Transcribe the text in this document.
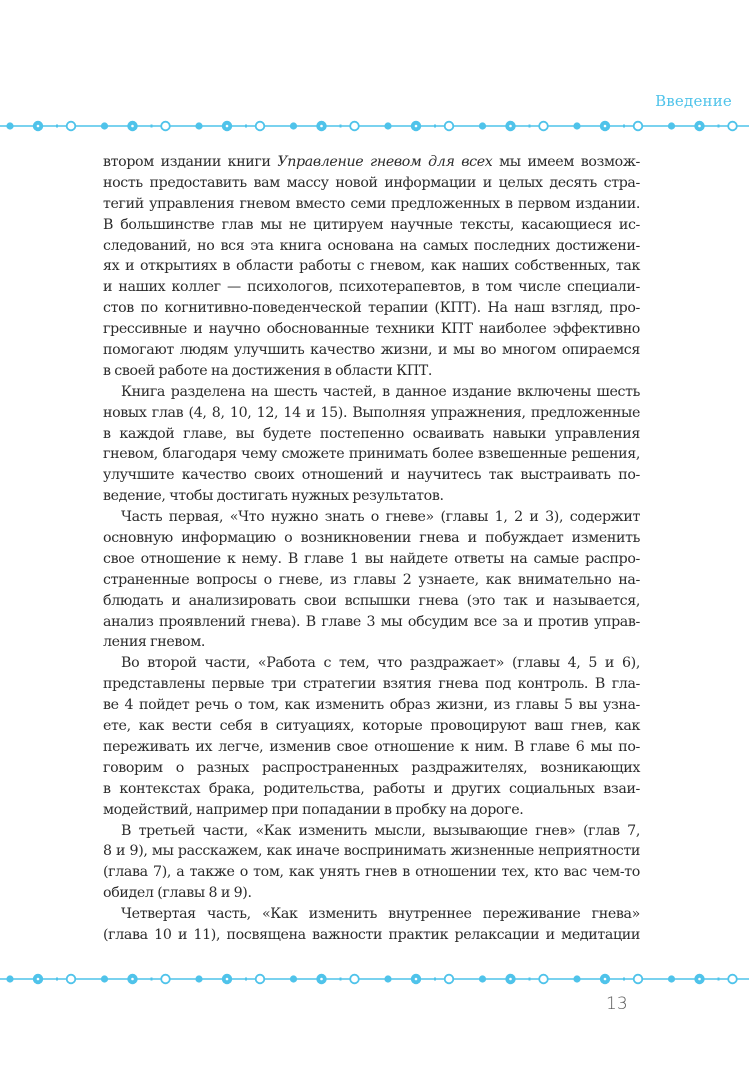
Введение
втором издании книги Управление гневом для всех мы имеем возмож-
ность предоставить вам массу новой информации и целых десять стра-
тегий управления гневом вместо семи предложенных в первом издании.
В большинстве глав мы не цитируем научные тексты, касающиеся ис-
следований, но вся эта книга основана на самых последних достижени-
ях и открытиях в области работы с гневом, как наших собственных, так
и наших коллег — психологов, психотерапевтов, в том числе специали-
стов по когнитивно-поведенческой терапии (КПТ). На наш взгляд, про-
грессивные и научно обоснованные техники КПТ наиболее эффективно
помогают людям улучшить качество жизни, и мы во многом опираемся
в своей работе на достижения в области КПТ.
Книга разделена на шесть частей, в данное издание включены шесть
новых глав (4, 8, 10, 12, 14 и 15). Выполняя упражнения, предложенные
в каждой главе, вы будете постепенно осваивать навыки управления
гневом, благодаря чему сможете принимать более взвешенные решения,
улучшите качество своих отношений и научитесь так выстраивать по-
ведение, чтобы достигать нужных результатов.
Часть первая, «Что нужно знать о гневе» (главы 1, 2 и 3), содержит
основную информацию о возникновении гнева и побуждает изменить
свое отношение к нему. В главе 1 вы найдете ответы на самые распро-
страненные вопросы о гневе, из главы 2 узнаете, как внимательно на-
блюдать и анализировать свои вспышки гнева (это так и называется,
анализ проявлений гнева). В главе 3 мы обсудим все за и против управ-
ления гневом.
Во второй части, «Работа с тем, что раздражает» (главы 4, 5 и 6),
представлены первые три стратегии взятия гнева под контроль. В гла-
ве 4 пойдет речь о том, как изменить образ жизни, из главы 5 вы узна-
ете, как вести себя в ситуациях, которые провоцируют ваш гнев, как
переживать их легче, изменив свое отношение к ним. В главе 6 мы по-
говорим о разных распространенных раздражителях, возникающих
в контекстах брака, родительства, работы и других социальных взаи-
модействий, например при попадании в пробку на дороге.
В третьей части, «Как изменить мысли, вызывающие гнев» (глав 7,
8 и 9), мы расскажем, как иначе воспринимать жизненные неприятности
(глава 7), а также о том, как унять гнев в отношении тех, кто вас чем-то
обидел (главы 8 и 9).
Четвертая часть, «Как изменить внутреннее переживание гнева»
(глава 10 и 11), посвящена важности практик релаксации и медитации
13
